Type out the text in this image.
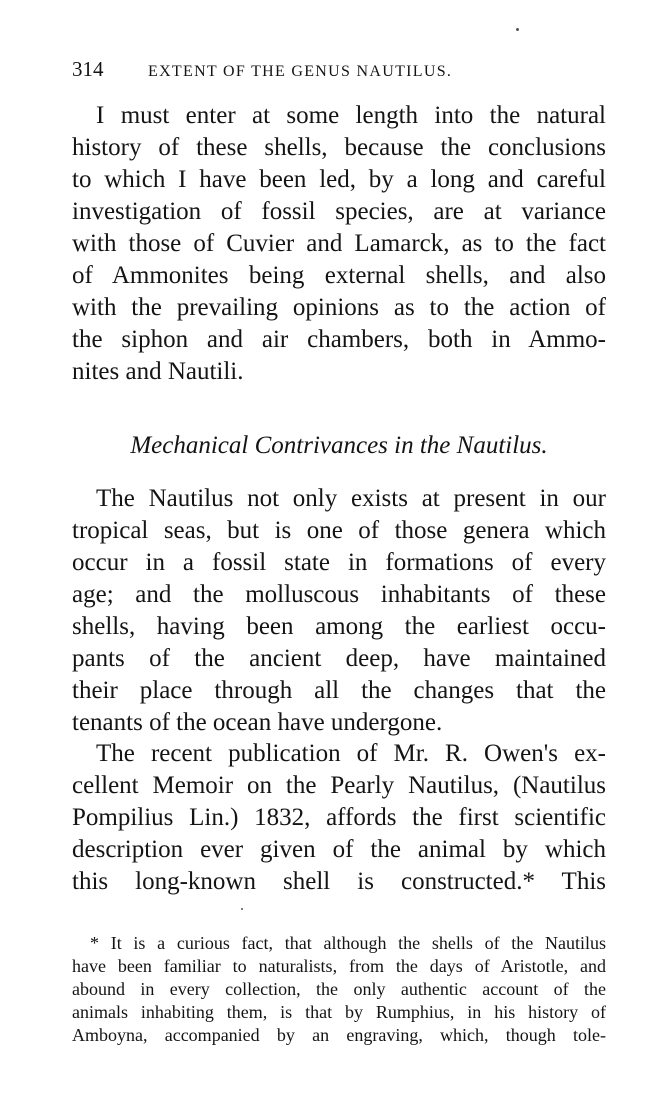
314	EXTENT OF THE GENUS NAUTILUS.
I must enter at some length into the natural
history of these shells, because the conclusions
to which I have been led, by a long and careful
investigation of fossil species, are at variance
with those of Cuvier and Lamarck, as to the fact
of Ammonites being external shells, and also
with the prevailing opinions as to the action of
the siphon and air chambers, both in Ammo-
nites and Nautili.
Mechanical Contrivances in the Nautilus.
The Nautilus not only exists at present in our
tropical seas, but is one of those genera which
occur in a fossil state in formations of every
age; and the molluscous inhabitants of these
shells, having been among the earliest occu-
pants of the ancient deep, have maintained
their place through all the changes that the
tenants of the ocean have undergone.
The recent publication of Mr. R. Owen's ex-
cellent Memoir on the Pearly Nautilus, (Nautilus
Pompilius Lin.) 1832, affords the first scientific
description ever given of the animal by which
this long-known shell is constructed.* This
* It is a curious fact, that although the shells of the Nautilus
have been familiar to naturalists, from the days of Aristotle, and
abound in every collection, the only authentic account of the
animals inhabiting them, is that by Rumphius, in his history of
Amboyna, accompanied by an engraving, which, though tole-
